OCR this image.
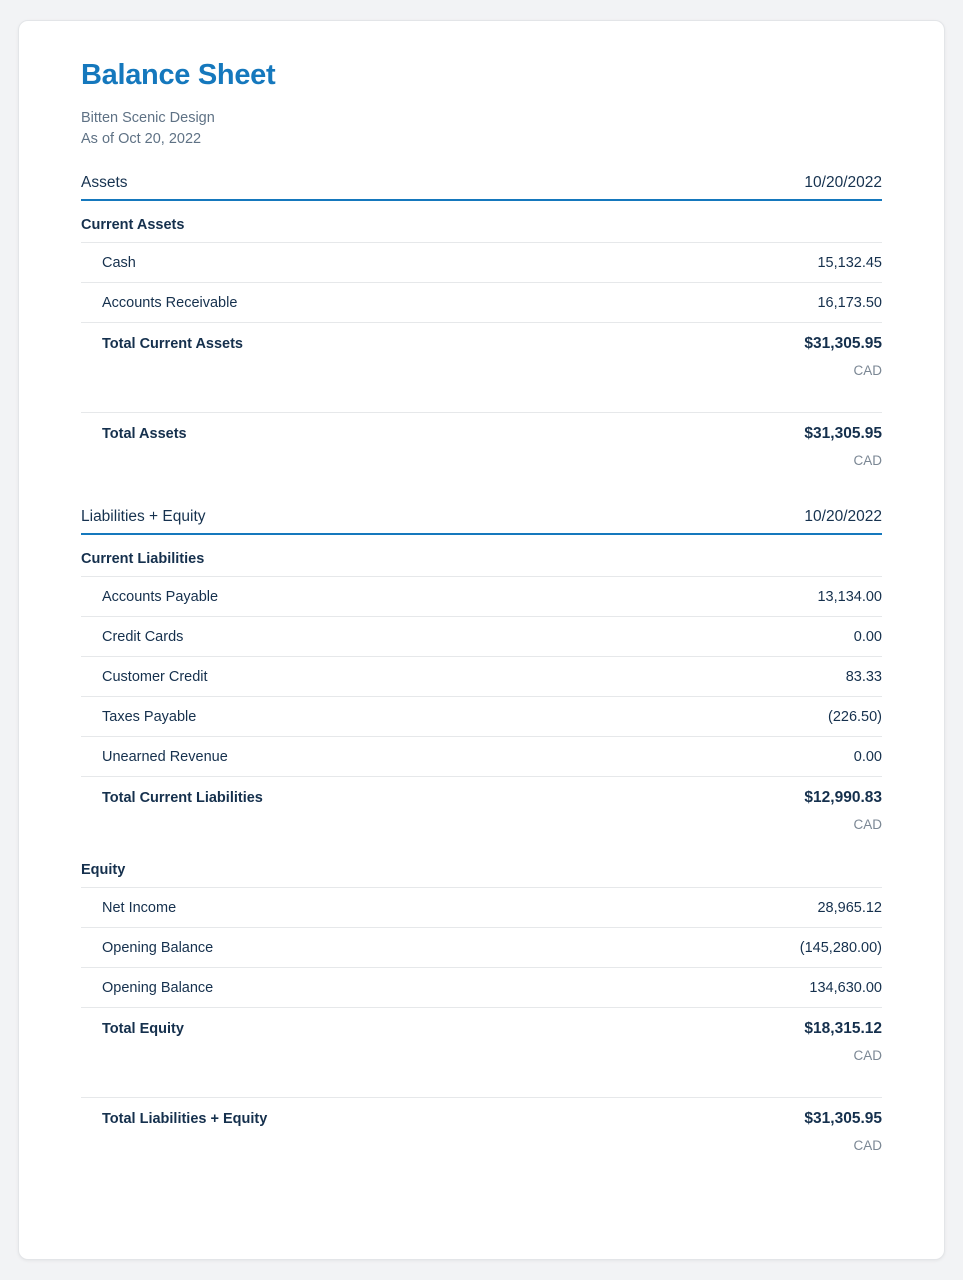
Balance Sheet
Bitten Scenic Design
As of Oct 20, 2022
Assets	10/20/2022
Current Assets
Cash	15,132.45
Accounts Receivable	16,173.50
Total Current Assets	$31,305.95
CAD
Total Assets	$31,305.95
CAD
Liabilities + Equity	10/20/2022
Current Liabilities
Accounts Payable	13,134.00
Credit Cards	0.00
Customer Credit	83.33
Taxes Payable	(226.50)
Unearned Revenue	0.00
Total Current Liabilities	$12,990.83
CAD
Equity
Net Income	28,965.12
Opening Balance	(145,280.00)
Opening Balance	134,630.00
Total Equity	$18,315.12
CAD
Total Liabilities + Equity	$31,305.95
CAD
